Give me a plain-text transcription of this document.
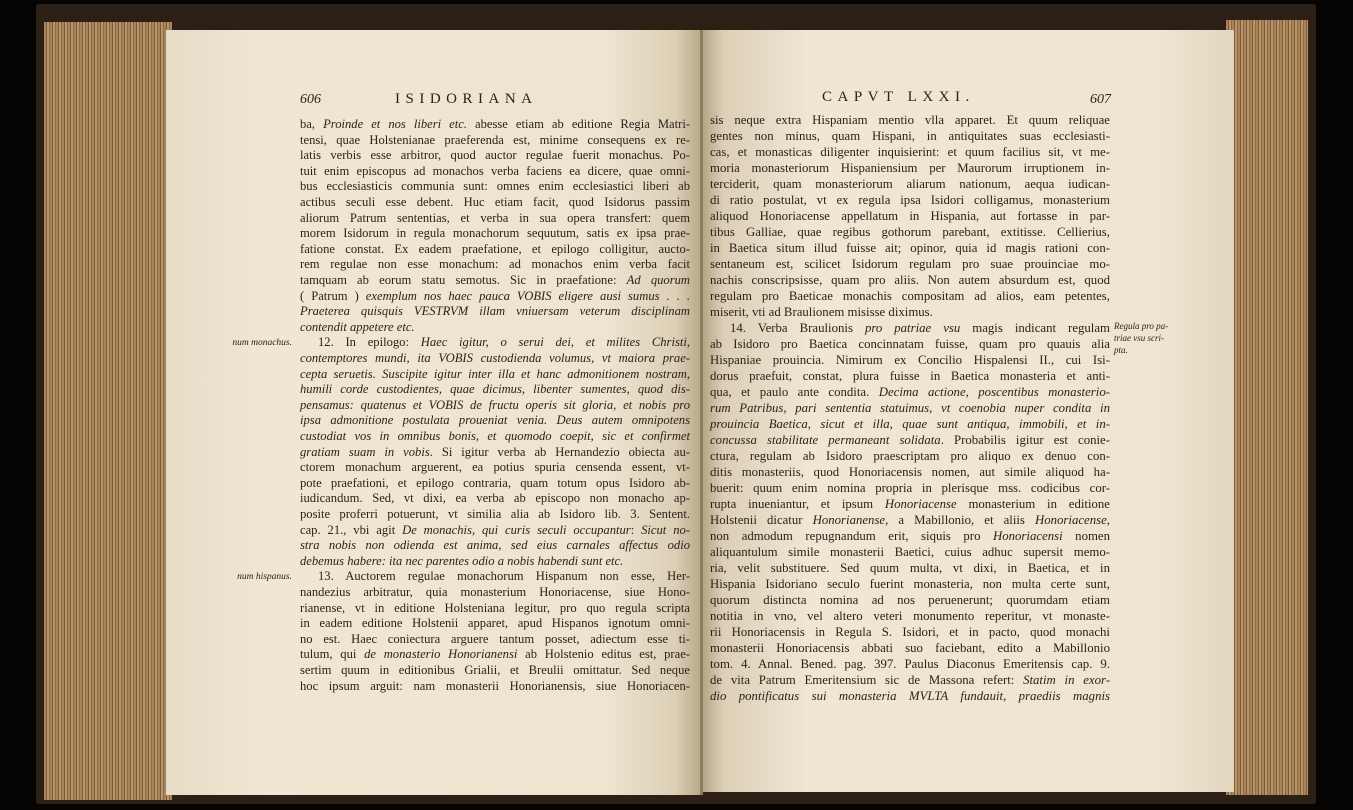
606	ISIDORIANA	CAPVT LXXI.	607
ba, Proinde et nos liberi etc. abesse etiam ab editione Regia Matri-
tensi, quae Holstenianae praeferenda est, minime consequens ex re-
latis verbis esse arbitror, quod auctor regulae fuerit monachus. Po-
tuit enim episcopus ad monachos verba faciens ea dicere, quae omni-
bus ecclesiasticis communia sunt: omnes enim ecclesiastici liberi ab
actibus seculi esse debent. Huc etiam facit, quod Isidorus passim
aliorum Patrum sententias, et verba in sua opera transfert: quem
morem Isidorum in regula monachorum sequutum, satis ex ipsa prae-
fatione constat. Ex eadem praefatione, et epilogo colligitur, aucto-
rem regulae non esse monachum: ad monachos enim verba facit
tamquam ab eorum statu semotus. Sic in praefatione: Ad quorum
( Patrum ) exemplum nos haec pauca VOBIS eligere ausi sumus . . .
Praeterea quisquis VESTRVM illam vniuersam veterum disciplinam
contendit appetere etc.
12. In epilogo: Haec igitur, o serui dei, et milites Christi,
contemptores mundi, ita VOBIS custodienda volumus, vt maiora prae-
cepta seruetis. Suscipite igitur inter illa et hanc admonitionem nostram,
humili corde custodientes, quae dicimus, libenter sumentes, quod dis-
pensamus: quatenus et VOBIS de fructu operis sit gloria, et nobis pro
ipsa admonitione postulata proueniat venia. Deus autem omnipotens
custodiat vos in omnibus bonis, et quomodo coepit, sic et confirmet
gratiam suam in vobis. Si igitur verba ab Hernandezio obiecta au-
ctorem monachum arguerent, ea potius spuria censenda essent, vt-
pote praefationi, et epilogo contraria, quam totum opus Isidoro ab-
iudicandum. Sed, vt dixi, ea verba ab episcopo non monacho ap-
posite proferri potuerunt, vt similia alia ab Isidoro lib. 3. Sentent.
cap. 21., vbi agit De monachis, qui curis seculi occupantur: Sicut no-
stra nobis non odienda est anima, sed eius carnales affectus odio
debemus habere: ita nec parentes odio a nobis habendi sunt etc.
13. Auctorem regulae monachorum Hispanum non esse, Her-
nandezius arbitratur, quia monasterium Honoriacense, siue Hono-
rianense, vt in editione Holsteniana legitur, pro quo regula scripta
in eadem editione Holstenii apparet, apud Hispanos ignotum omni-
no est. Haec coniectura arguere tantum posset, adiectum esse ti-
tulum, qui de monasterio Honorianensi ab Holstenio editus est, prae-
sertim quum in editionibus Grialii, et Breulii omittatur. Sed neque
hoc ipsum arguit: nam monasterii Honorianensis, siue Honoriacen-
sis neque extra Hispaniam mentio vlla apparet. Et quum reliquae
gentes non minus, quam Hispani, in antiquitates suas ecclesiasti-
cas, et monasticas diligenter inquisierint: et quum facilius sit, vt me-
moria monasteriorum Hispaniensium per Maurorum irruptionem in-
terciderit, quam monasteriorum aliarum nationum, aequa iudican-
di ratio postulat, vt ex regula ipsa Isidori colligamus, monasterium
aliquod Honoriacense appellatum in Hispania, aut fortasse in par-
tibus Galliae, quae regibus gothorum parebant, extitisse. Cellierius,
in Baetica situm illud fuisse ait; opinor, quia id magis rationi con-
sentaneum est, scilicet Isidorum regulam pro suae prouinciae mo-
nachis conscripsisse, quam pro aliis. Non autem absurdum est, quod
regulam pro Baeticae monachis compositam ad alios, eam petentes,
miserit, vti ad Braulionem misisse diximus.
14. Verba Braulionis pro patriae vsu magis indicant regulam
ab Isidoro pro Baetica concinnatam fuisse, quam pro quauis alia
Hispaniae prouincia. Nimirum ex Concilio Hispalensi II., cui Isi-
dorus praefuit, constat, plura fuisse in Baetica monasteria et anti-
qua, et paulo ante condita. Decima actione, poscentibus monasterio-
rum Patribus, pari sententia statuimus, vt coenobia nuper condita in
prouincia Baetica, sicut et illa, quae sunt antiqua, immobili, et in-
concussa stabilitate permaneant solidata. Probabilis igitur est conie-
ctura, regulam ab Isidoro praescriptam pro aliquo ex denuo con-
ditis monasteriis, quod Honoriacensis nomen, aut simile aliquod ha-
buerit: quum enim nomina propria in plerisque mss. codicibus cor-
rupta inueniantur, et ipsum Honoriacense monasterium in editione
Holstenii dicatur Honorianense, a Mabillonio, et aliis Honoriacense,
non admodum repugnandum erit, siquis pro Honoriacensi nomen
aliquantulum simile monasterii Baetici, cuius adhuc supersit memo-
ria, velit substituere. Sed quum multa, vt dixi, in Baetica, et in
Hispania Isidoriano seculo fuerint monasteria, non multa certe sunt,
quorum distincta nomina ad nos peruenerunt; quorumdam etiam
notitia in vno, vel altero veteri monumento reperitur, vt monaste-
rii Honoriacensis in Regula S. Isidori, et in pacto, quod monachi
monasterii Honoriacensis abbati suo faciebant, edito a Mabillonio
tom. 4. Annal. Bened. pag. 397. Paulus Diaconus Emeritensis cap. 9.
de vita Patrum Emeritensium sic de Massona refert: Statim in exor-
dio pontificatus sui monasteria MVLTA fundauit, praediis magnis
num monachus.
num hispanus.
Regula pro pa-
triae vsu scri-
pta.
